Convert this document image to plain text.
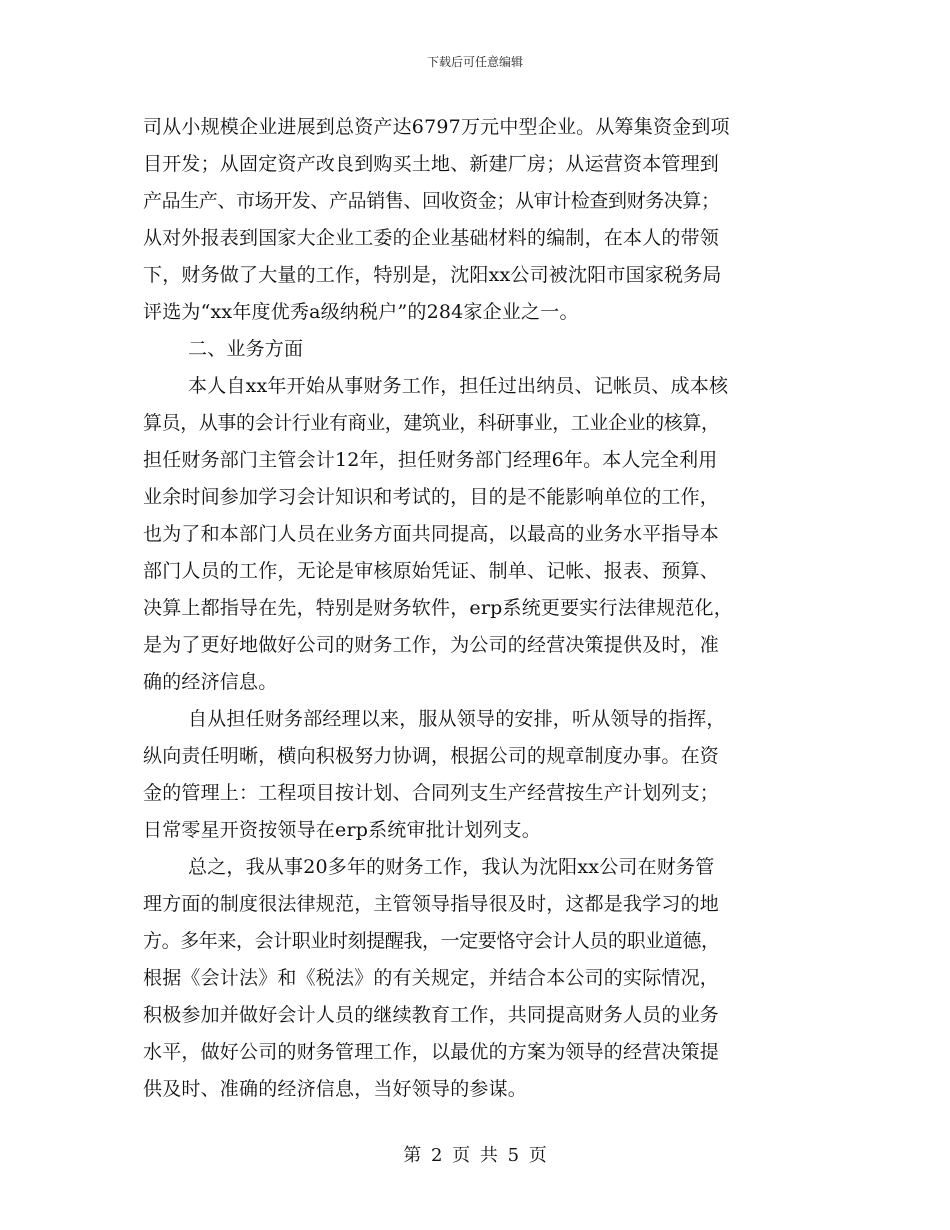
下载后可任意编辑
司从小规模企业进展到总资产达6797万元中型企业。从筹集资金到项
目开发；从固定资产改良到购买土地、新建厂房；从运营资本管理到
产品生产、市场开发、产品销售、回收资金；从审计检查到财务决算；
从对外报表到国家大企业工委的企业基础材料的编制，在本人的带领
下，财务做了大量的工作，特别是，沈阳xx公司被沈阳市国家税务局
评选为“xx年度优秀a级纳税户”的284家企业之一。
二、业务方面
本人自xx年开始从事财务工作，担任过出纳员、记帐员、成本核
算员，从事的会计行业有商业，建筑业，科研事业，工业企业的核算，
担任财务部门主管会计12年，担任财务部门经理6年。本人完全利用
业余时间参加学习会计知识和考试的，目的是不能影响单位的工作，
也为了和本部门人员在业务方面共同提高，以最高的业务水平指导本
部门人员的工作，无论是审核原始凭证、制单、记帐、报表、预算、
决算上都指导在先，特别是财务软件，erp系统更要实行法律规范化，
是为了更好地做好公司的财务工作，为公司的经营决策提供及时，准
确的经济信息。
自从担任财务部经理以来，服从领导的安排，听从领导的指挥，
纵向责任明晰，横向积极努力协调，根据公司的规章制度办事。在资
金的管理上：工程项目按计划、合同列支生产经营按生产计划列支；
日常零星开资按领导在erp系统审批计划列支。
总之，我从事20多年的财务工作，我认为沈阳xx公司在财务管
理方面的制度很法律规范，主管领导指导很及时，这都是我学习的地
方。多年来，会计职业时刻提醒我，一定要恪守会计人员的职业道德，
根据《会计法》和《税法》的有关规定，并结合本公司的实际情况，
积极参加并做好会计人员的继续教育工作，共同提高财务人员的业务
水平，做好公司的财务管理工作，以最优的方案为领导的经营决策提
供及时、准确的经济信息，当好领导的参谋。
第 2 页 共 5 页
